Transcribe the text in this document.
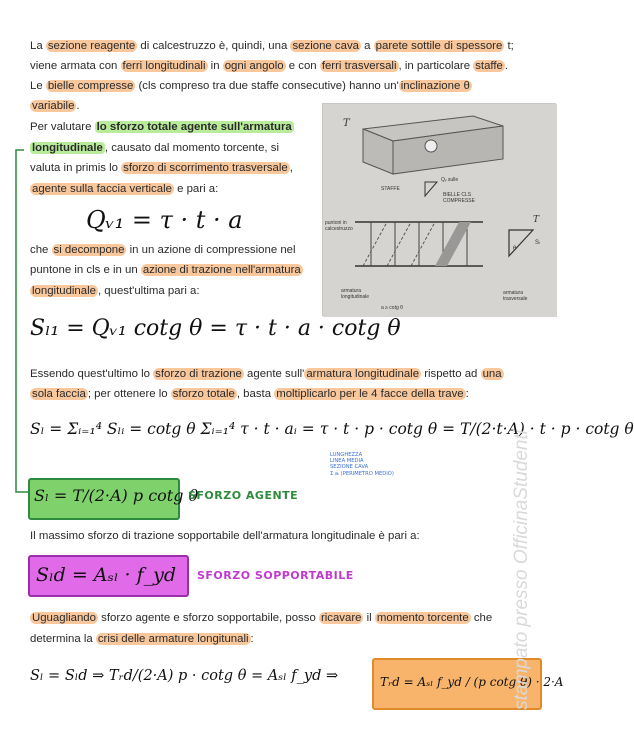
La sezione reagente di calcestruzzo è, quindi, una sezione cava a parete sottile di spessore t;
viene armata con ferri longitudinali in ogni angolo e con ferri trasversali , in particolare staffe .
Le bielle compresse (cls compreso tra due staffe consecutive) hanno un' inclinazione θ
variabile .
Per valutare lo sforzo totale agente sull'armatura
longitudinale , causato dal momento torcente, si
valuta in primis lo sforzo di scorrimento trasversale ,
agente sulla faccia verticale e pari a:
Qᵥ₁ = τ · t · a
che si decompone in un azione di compressione nel
puntone in cls e in un azione di trazione nell'armatura
longitudinale , quest'ultima pari a:
T
Qᵥ sulle
STAFFE
BIELLE CLS
COMPRESSE
puntoni in
calcestruzzo
armatura
longitudinale
armatura
trasversale
T
θ
Sₗ
a ≥ cotg θ
Sₗ₁ = Qᵥ₁ cotg θ = τ · t · a · cotg θ
Essendo quest'ultimo lo sforzo di trazione agente sull' armatura longitudinale rispetto ad una
sola faccia ; per ottenere lo sforzo totale , basta moltiplicarlo per le 4 facce della trave :
Sₗ = Σᵢ₌₁⁴ Sₗᵢ = cotg θ Σᵢ₌₁⁴ τ · t · aᵢ = τ · t · p · cotg θ = T/(2·t·A) · t · p · cotg θ
LUNGHEZZA
LINEA MEDIA
SEZIONE CAVA
Σ aᵢ (PERIMETRO MEDIO)
Sₗ = T/(2·A) p cotg θ
SFORZO AGENTE
Il massimo sforzo di trazione sopportabile dell'armatura longitudinale è pari a:
Sₗd = Aₛₗ · f_yd SFORZO SOPPORTABILE
Uguagliando sforzo agente e sforzo sopportabile, posso ricavare il momento torcente che
determina la crisi delle armature longitunali :
Sₗ = Sₗd ⇒ Tᵣd/(2·A) p · cotg θ = Aₛₗ f_yd ⇒	Tᵣd = Aₛₗ f_yd / (p cotg θ) · 2·A
stampato presso OfficinaStudenti
